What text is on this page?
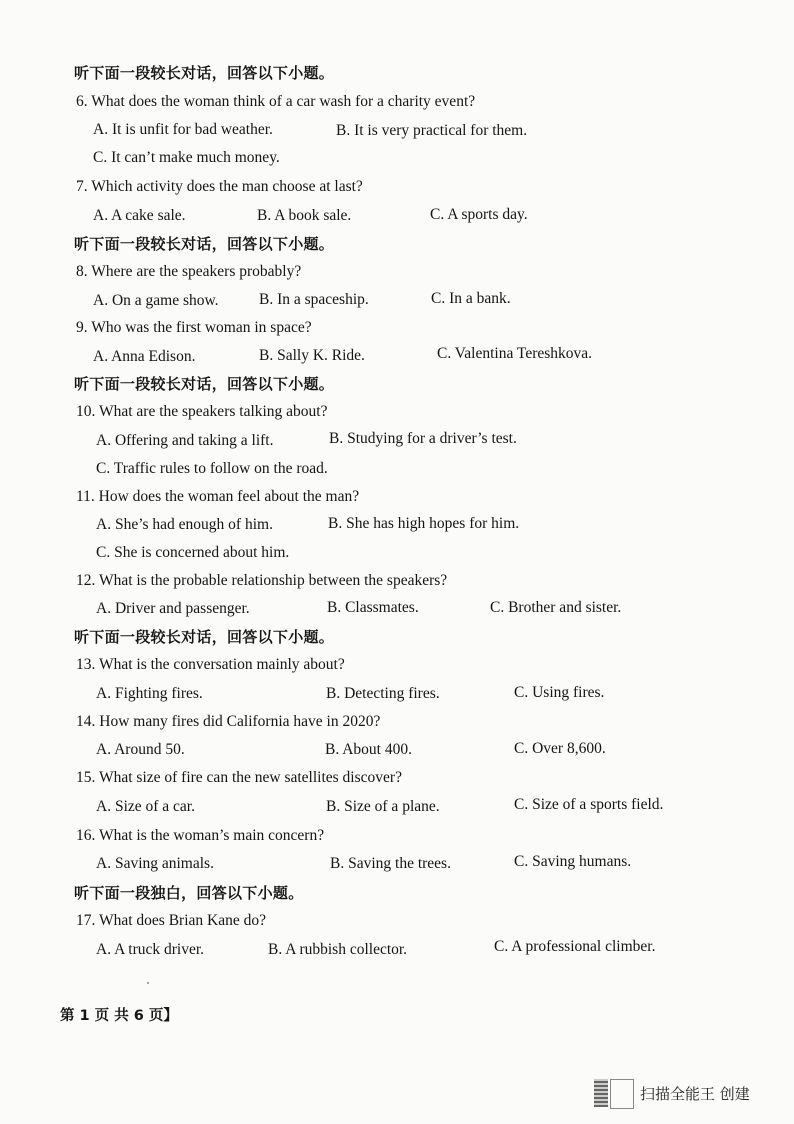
听下面一段较长对话，回答以下小题。
6. What does the woman think of a car wash for a charity event?
A. It is unfit for bad weather.	B. It is very practical for them.
C. It can’t make much money.
7. Which activity does the man choose at last?
A. A cake sale.	B. A book sale.	C. A sports day.
听下面一段较长对话，回答以下小题。
8. Where are the speakers probably?
A. On a game show.	B. In a spaceship.	C. In a bank.
9. Who was the first woman in space?
A. Anna Edison.	B. Sally K. Ride.	C. Valentina Tereshkova.
听下面一段较长对话，回答以下小题。
10. What are the speakers talking about?
A. Offering and taking a lift.	B. Studying for a driver’s test.
C. Traffic rules to follow on the road.
11. How does the woman feel about the man?
A. She’s had enough of him.	B. She has high hopes for him.
C. She is concerned about him.
12. What is the probable relationship between the speakers?
A. Driver and passenger.	B. Classmates.	C. Brother and sister.
听下面一段较长对话，回答以下小题。
13. What is the conversation mainly about?
A. Fighting fires.	B. Detecting fires.	C. Using fires.
14. How many fires did California have in 2020?
A. Around 50.	B. About 400.	C. Over 8,600.
15. What size of fire can the new satellites discover?
A. Size of a car.	B. Size of a plane.	C. Size of a sports field.
16. What is the woman’s main concern?
A. Saving animals.	B. Saving the trees.	C. Saving humans.
听下面一段独白，回答以下小题。
17. What does Brian Kane do?
A. A truck driver.	B. A rubbish collector.	C. A professional climber.
第 1 页 共 6 页】
扫描全能王 创建
